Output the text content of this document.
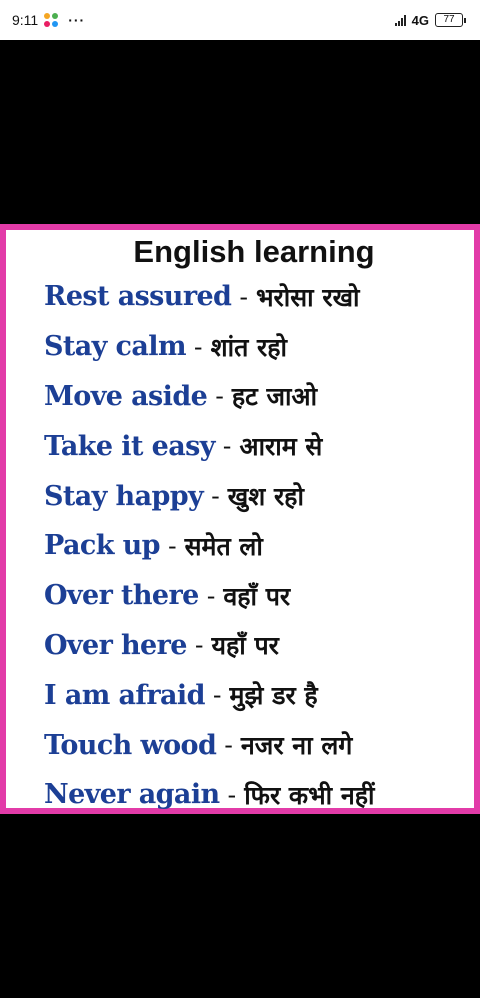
9:11 ···	4G	77
English learning
Rest assured - भरोसा रखो
Stay calm - शांत रहो
Move aside - हट जाओ
Take it easy - आराम से
Stay happy - खुश रहो
Pack up - समेत लो
Over there - वहाँ पर
Over here - यहाँ पर
I am afraid - मुझे डर है
Touch wood - नजर ना लगे
Never again - फिर कभी नहीं
